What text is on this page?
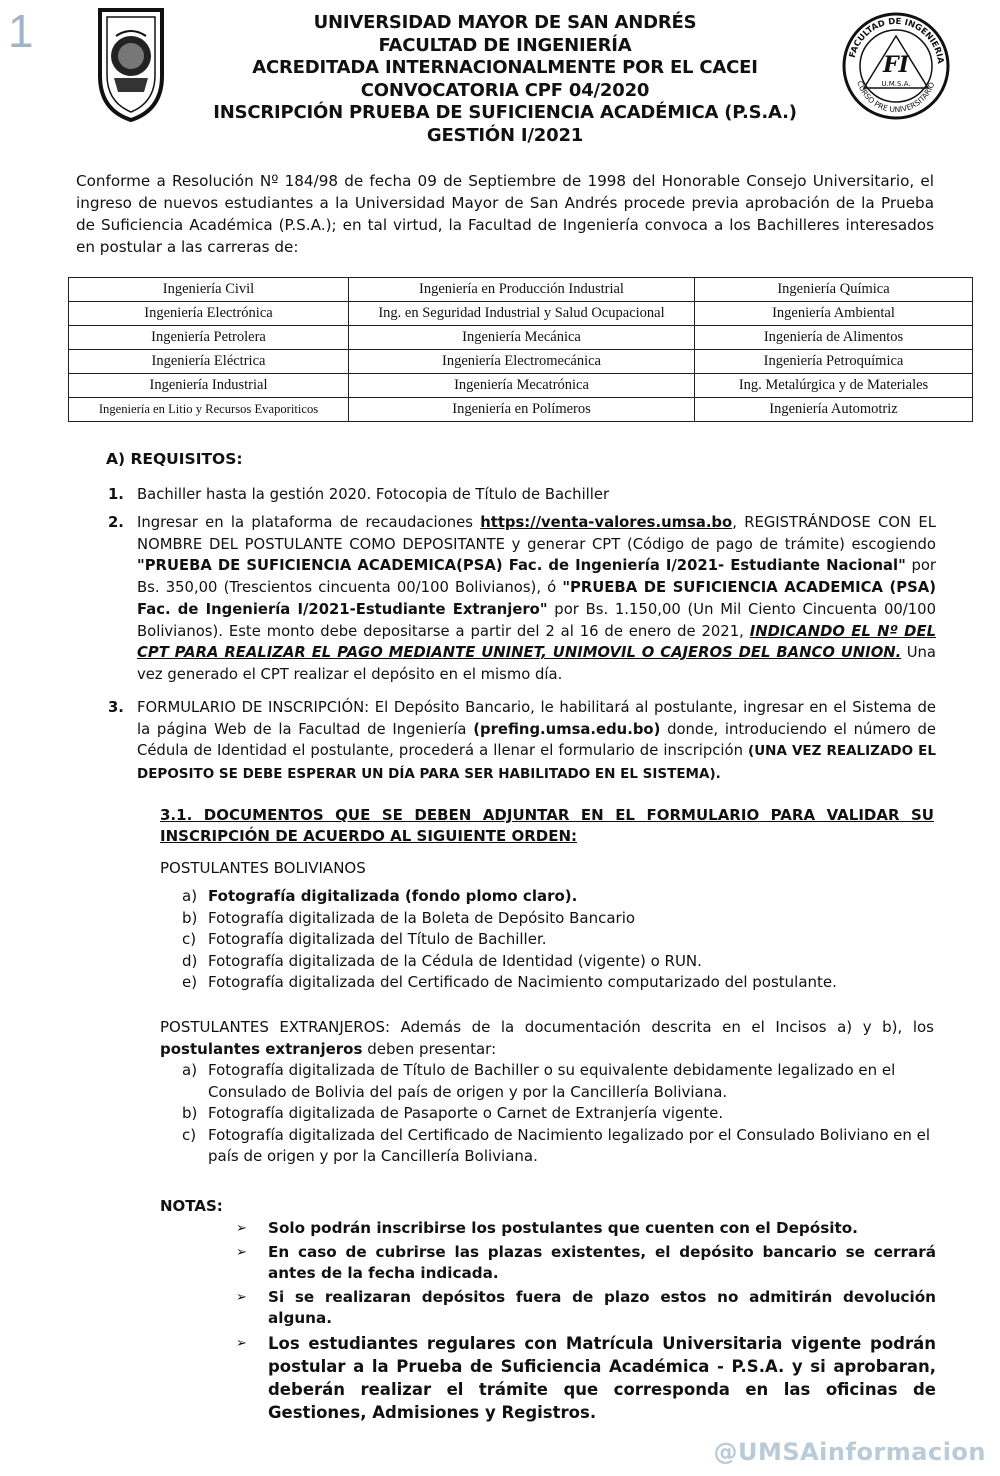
1	UNIVERSIDAD MAYOR DE SAN ANDRÉS
FACULTAD DE INGENIERÍA
ACREDITADA INTERNACIONALMENTE POR EL CACEI
CONVOCATORIA CPF 04/2020
INSCRIPCIÓN PRUEBA DE SUFICIENCIA ACADÉMICA (P.S.A.)
GESTIÓN I/2021
FI
U.M.S.A.
FACULTAD DE INGENIERIA
CURSO PRE UNIVERSITARIO
Conforme a Resolución Nº 184/98 de fecha 09 de Septiembre de 1998 del Honorable Consejo Universitario, el ingreso de nuevos estudiantes a la Universidad Mayor de San Andrés procede previa aprobación de la Prueba de Suficiencia Académica (P.S.A.); en tal virtud, la Facultad de Ingeniería convoca a los Bachilleres interesados en postular a las carreras de:
Ingeniería Civil	Ingeniería en Producción Industrial	Ingeniería Química
Ingeniería Electrónica	Ing. en Seguridad Industrial y Salud Ocupacional	Ingeniería Ambiental
Ingeniería Petrolera	Ingeniería Mecánica	Ingeniería de Alimentos
Ingeniería Eléctrica	Ingeniería Electromecánica	Ingeniería Petroquímica
Ingeniería Industrial	Ingeniería Mecatrónica	Ing. Metalúrgica y de Materiales
Ingeniería en Litio y Recursos Evaporiticos	Ingeniería en Polímeros	Ingeniería Automotriz
A) REQUISITOS:
1. Bachiller hasta la gestión 2020. Fotocopia de Título de Bachiller
2. Ingresar en la plataforma de recaudaciones https://venta-valores.umsa.bo, REGISTRÁNDOSE CON EL NOMBRE DEL POSTULANTE COMO DEPOSITANTE y generar CPT (Código de pago de trámite) escogiendo "PRUEBA DE SUFICIENCIA ACADEMICA(PSA) Fac. de Ingeniería I/2021- Estudiante Nacional" por Bs. 350,00 (Trescientos cincuenta 00/100 Bolivianos), ó "PRUEBA DE SUFICIENCIA ACADEMICA (PSA) Fac. de Ingeniería I/2021-Estudiante Extranjero" por Bs. 1.150,00 (Un Mil Ciento Cincuenta 00/100 Bolivianos). Este monto debe depositarse a partir del 2 al 16 de enero de 2021, INDICANDO EL Nº DEL CPT PARA REALIZAR EL PAGO MEDIANTE UNINET, UNIMOVIL O CAJEROS DEL BANCO UNION. Una vez generado el CPT realizar el depósito en el mismo día.
3. FORMULARIO DE INSCRIPCIÓN: El Depósito Bancario, le habilitará al postulante, ingresar en el Sistema de la página Web de la Facultad de Ingeniería (prefing.umsa.edu.bo) donde, introduciendo el número de Cédula de Identidad el postulante, procederá a llenar el formulario de inscripción (UNA VEZ REALIZADO EL DEPOSITO SE DEBE ESPERAR UN DÍA PARA SER HABILITADO EN EL SISTEMA).
3.1. DOCUMENTOS QUE SE DEBEN ADJUNTAR EN EL FORMULARIO PARA VALIDAR SU INSCRIPCIÓN DE ACUERDO AL SIGUIENTE ORDEN:
POSTULANTES BOLIVIANOS
a) Fotografía digitalizada (fondo plomo claro).
b) Fotografía digitalizada de la Boleta de Depósito Bancario
c) Fotografía digitalizada del Título de Bachiller.
d) Fotografía digitalizada de la Cédula de Identidad (vigente) o RUN.
e) Fotografía digitalizada del Certificado de Nacimiento computarizado del postulante.
POSTULANTES EXTRANJEROS: Además de la documentación descrita en el Incisos a) y b), los postulantes extranjeros deben presentar:
a) Fotografía digitalizada de Título de Bachiller o su equivalente debidamente legalizado en el Consulado de Bolivia del país de origen y por la Cancillería Boliviana.
b) Fotografía digitalizada de Pasaporte o Carnet de Extranjería vigente.
c) Fotografía digitalizada del Certificado de Nacimiento legalizado por el Consulado Boliviano en el país de origen y por la Cancillería Boliviana.
NOTAS:
➢ Solo podrán inscribirse los postulantes que cuenten con el Depósito.
➢ En caso de cubrirse las plazas existentes, el depósito bancario se cerrará antes de la fecha indicada.
➢ Si se realizaran depósitos fuera de plazo estos no admitirán devolución alguna.
➢ Los estudiantes regulares con Matrícula Universitaria vigente podrán postular a la Prueba de Suficiencia Académica - P.S.A. y si aprobaran, deberán realizar el trámite que corresponda en las oficinas de Gestiones, Admisiones y Registros.
@UMSAinformacion
